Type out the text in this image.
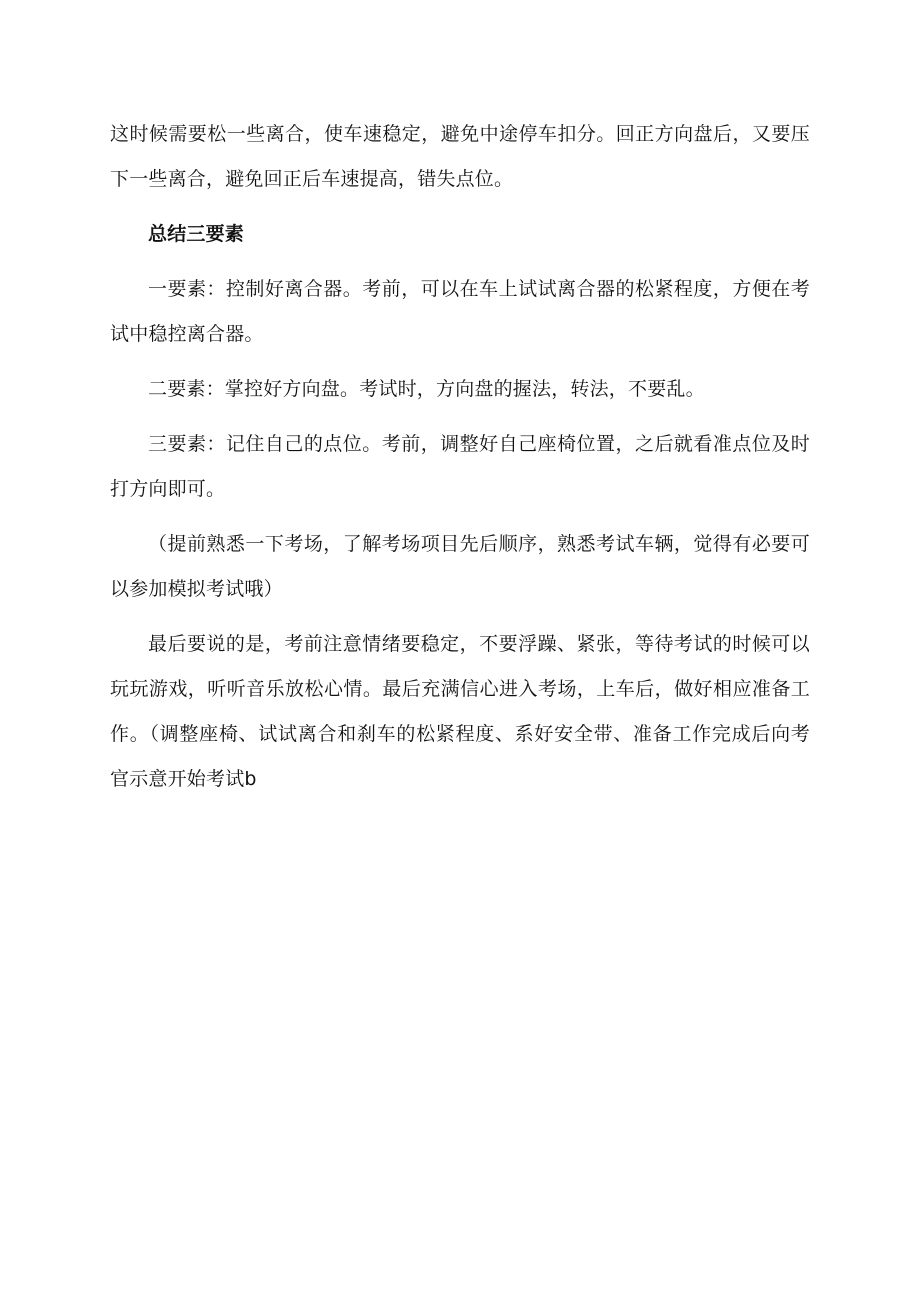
这时候需要松一些离合，使车速稳定，避免中途停车扣分。回正方向盘后，又要压下一些离合，避免回正后车速提高，错失点位。

总结三要素

一要素：控制好离合器。考前，可以在车上试试离合器的松紧程度，方便在考试中稳控离合器。

二要素：掌控好方向盘。考试时，方向盘的握法，转法，不要乱。

三要素：记住自己的点位。考前，调整好自己座椅位置，之后就看准点位及时打方向即可。

（提前熟悉一下考场，了解考场项目先后顺序，熟悉考试车辆，觉得有必要可以参加模拟考试哦）

最后要说的是，考前注意情绪要稳定，不要浮躁、紧张，等待考试的时候可以玩玩游戏，听听音乐放松心情。最后充满信心进入考场，上车后，做好相应准备工作。（调整座椅、试试离合和刹车的松紧程度、系好安全带、准备工作完成后向考官示意开始考试b
